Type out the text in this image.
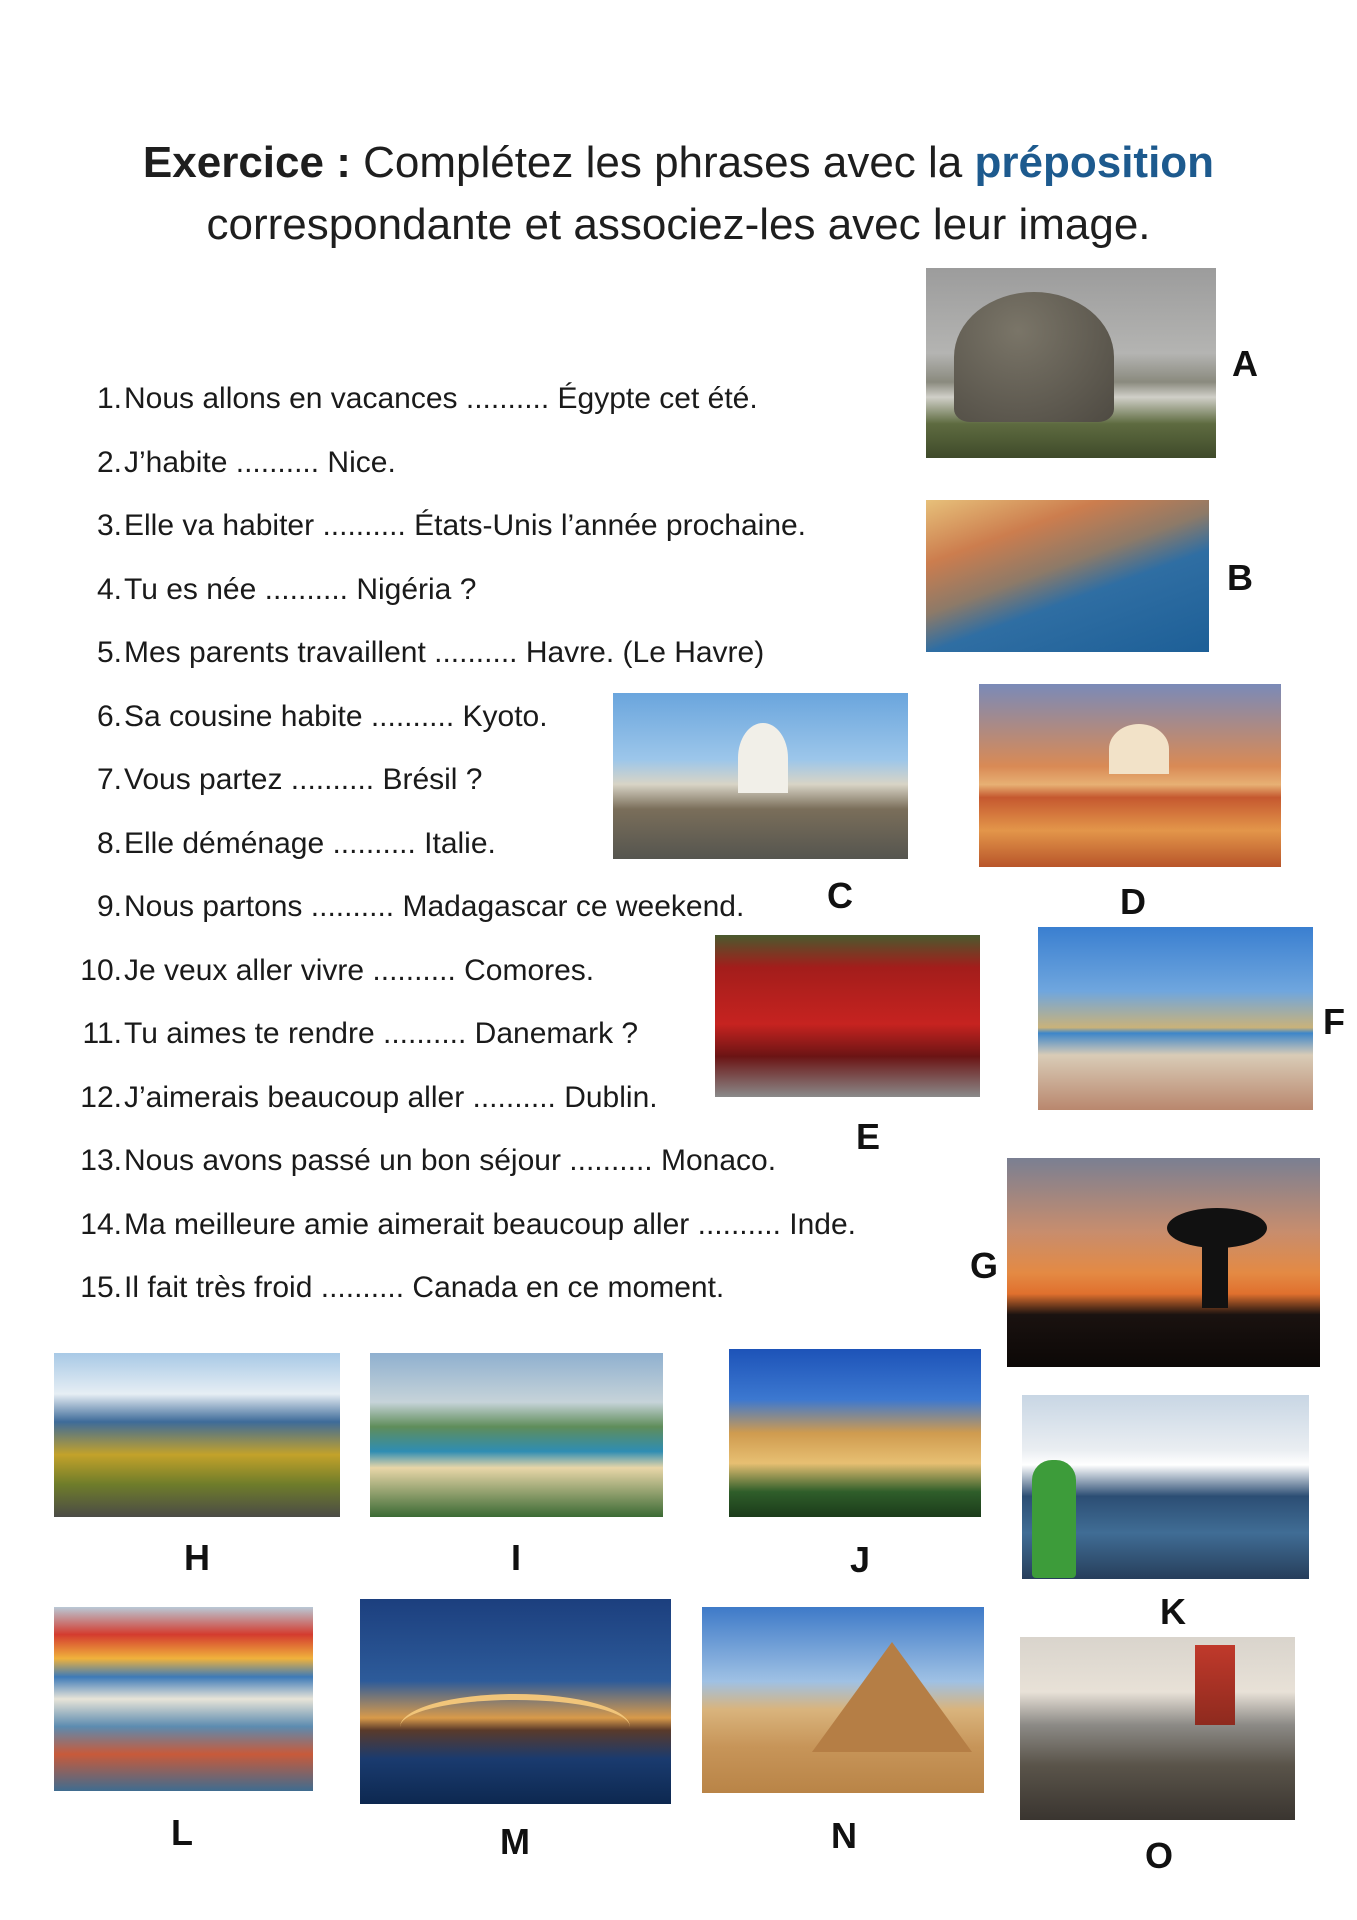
Exercice : Complétez les phrases avec la préposition
correspondante et associez-les avec leur image.
1.Nous allons en vacances .......... Égypte cet été.
2.J’habite .......... Nice.
3.Elle va habiter .......... États-Unis l’année prochaine.
4.Tu es née .......... Nigéria ?
5.Mes parents travaillent .......... Havre. (Le Havre)
6.Sa cousine habite .......... Kyoto.
7.Vous partez .......... Brésil ?
8.Elle déménage .......... Italie.
9.Nous partons .......... Madagascar ce weekend.
10.Je veux aller vivre .......... Comores.
11.Tu aimes te rendre .......... Danemark ?
12.J’aimerais beaucoup aller .......... Dublin.
13.Nous avons passé un bon séjour .......... Monaco.
14.Ma meilleure amie aimerait beaucoup aller .......... Inde.
15.Il fait très froid .......... Canada en ce moment.
A
B
C	D
E
F
G
H	I	J
K
L	M	N	O
